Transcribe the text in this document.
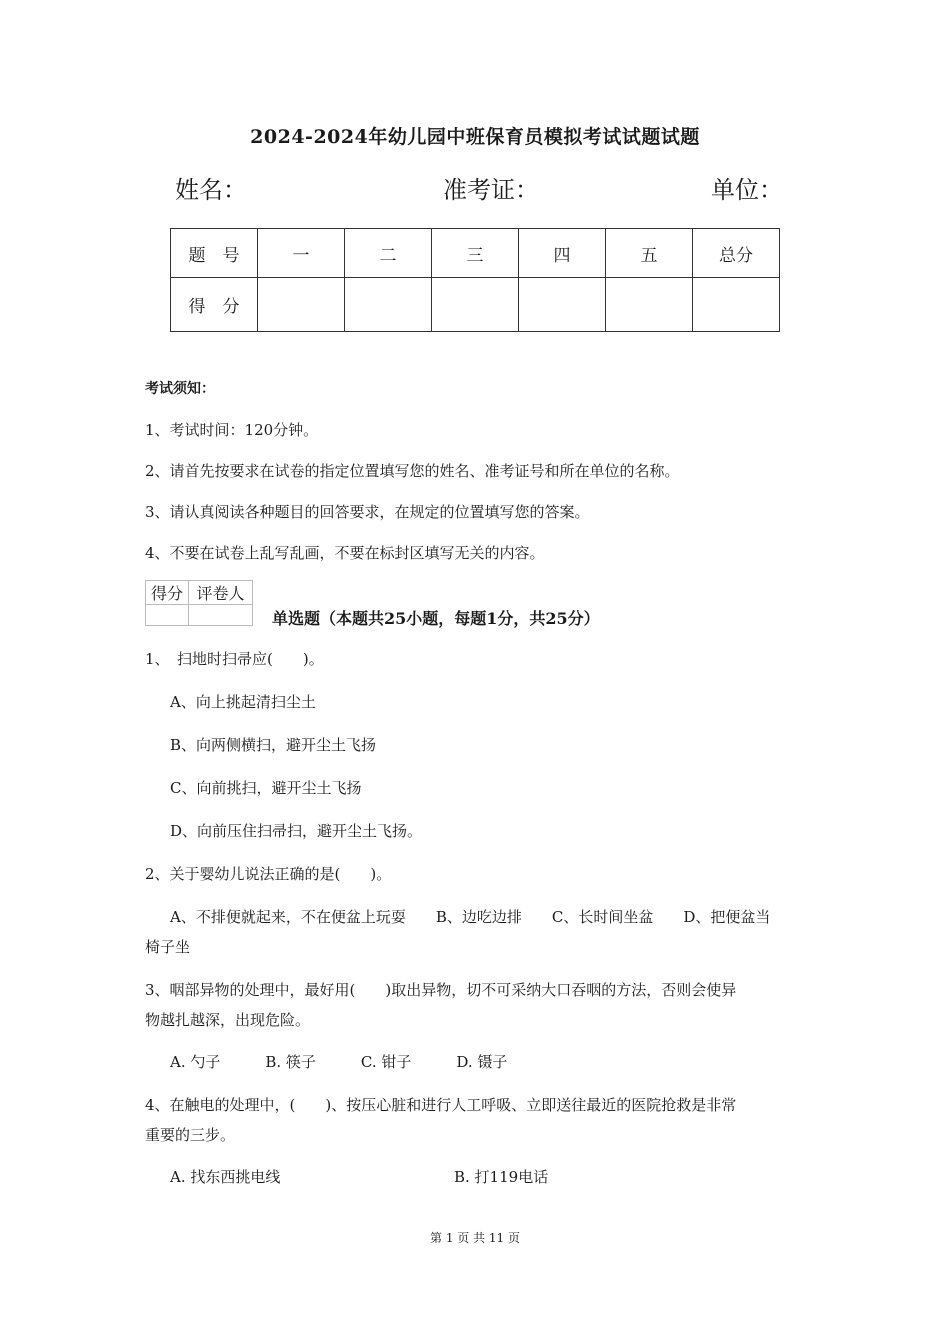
2024-2024年幼儿园中班保育员模拟考试试题试题
姓名：	准考证：	单位：
题　号	一	二	三	四	五	总分
得　分						
考试须知：
1、考试时间：120分钟。
2、请首先按要求在试卷的指定位置填写您的姓名、准考证号和所在单位的名称。
3、请认真阅读各种题目的回答要求，在规定的位置填写您的答案。
4、不要在试卷上乱写乱画，不要在标封区填写无关的内容。
得分	评卷人

单选题（本题共25小题，每题1分，共25分）
1、　扫地时扫帚应(　　)。
A、向上挑起清扫尘土
B、向两侧横扫，避开尘土飞扬
C、向前挑扫，避开尘土飞扬
D、向前压住扫帚扫，避开尘土飞扬。
2、关于婴幼儿说法正确的是(　　)。
A、不排便就起来，不在便盆上玩耍　　B、边吃边排　　C、长时间坐盆　　D、把便盆当
椅子坐
3、咽部异物的处理中，最好用(　　)取出异物，切不可采纳大口吞咽的方法，否则会使异
物越扎越深，出现危险。
A. 勺子　　　B. 筷子　　　C. 钳子　　　D. 镊子
4、在触电的处理中，(　　)、按压心脏和进行人工呼吸、立即送往最近的医院抢救是非常
重要的三步。
A. 找东西挑电线	B. 打119电话
第 1 页 共 11 页
